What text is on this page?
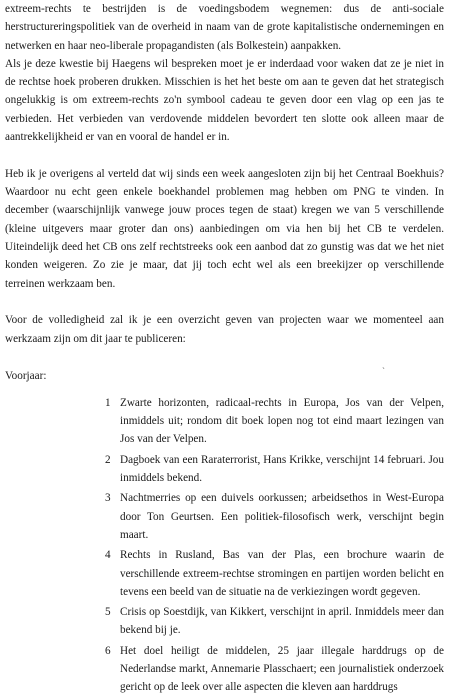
extreem-rechts te bestrijden is de voedingsbodem wegnemen: dus de anti-sociale herstructureringspolitiek van de overheid in naam van de grote kapitalistische ondernemingen en netwerken en haar neo-liberale propagandisten (als Bolkestein) aanpakken.

Als je deze kwestie bij Haegens wil bespreken moet je er inderdaad voor waken dat ze je niet in de rechtse hoek proberen drukken. Misschien is het het beste om aan te geven dat het strategisch ongelukkig is om extreem-rechts zo'n symbool cadeau te geven door een vlag op een jas te verbieden. Het verbieden van verdovende middelen bevordert ten slotte ook alleen maar de aantrekkelijkheid er van en vooral de handel er in.

Heb ik je overigens al verteld dat wij sinds een week aangesloten zijn bij het Centraal Boekhuis? Waardoor nu echt geen enkele boekhandel problemen mag hebben om PNG te vinden. In december (waarschijnlijk vanwege jouw proces tegen de staat) kregen we van 5 verschillende (kleine uitgevers maar groter dan ons) aanbiedingen om via hen bij het CB te verdelen. Uiteindelijk deed het CB ons zelf rechtstreeks ook een aanbod dat zo gunstig was dat we het niet konden weigeren. Zo zie je maar, dat jij toch echt wel als een breekijzer op verschillende terreinen werkzaam ben.

Voor de volledigheid zal ik je een overzicht geven van projecten waar we momenteel aan werkzaam zijn om dit jaar te publiceren:

`

Voorjaar:

1 Zwarte horizonten, radicaal-rechts in Europa, Jos van der Velpen, inmiddels uit; rondom dit boek lopen nog tot eind maart lezingen van Jos van der Velpen.
2 Dagboek van een Raraterrorist, Hans Krikke, verschijnt 14 februari. Jou inmiddels bekend.
3 Nachtmerries op een duivels oorkussen; arbeidsethos in West-Europa door Ton Geurtsen. Een politiek-filosofisch werk, verschijnt begin maart.
4 Rechts in Rusland, Bas van der Plas, een brochure waarin de verschillende extreem-rechtse stromingen en partijen worden belicht en tevens een beeld van de situatie na de verkiezingen wordt gegeven.
5 Crisis op Soestdijk, van Kikkert, verschijnt in april. Inmiddels meer dan bekend bij je.
6 Het doel heiligt de middelen, 25 jaar illegale harddrugs op de Nederlandse markt, Annemarie Plasschaert; een journalistiek onderzoek gericht op de leek over alle aspecten die kleven aan harddrugs
